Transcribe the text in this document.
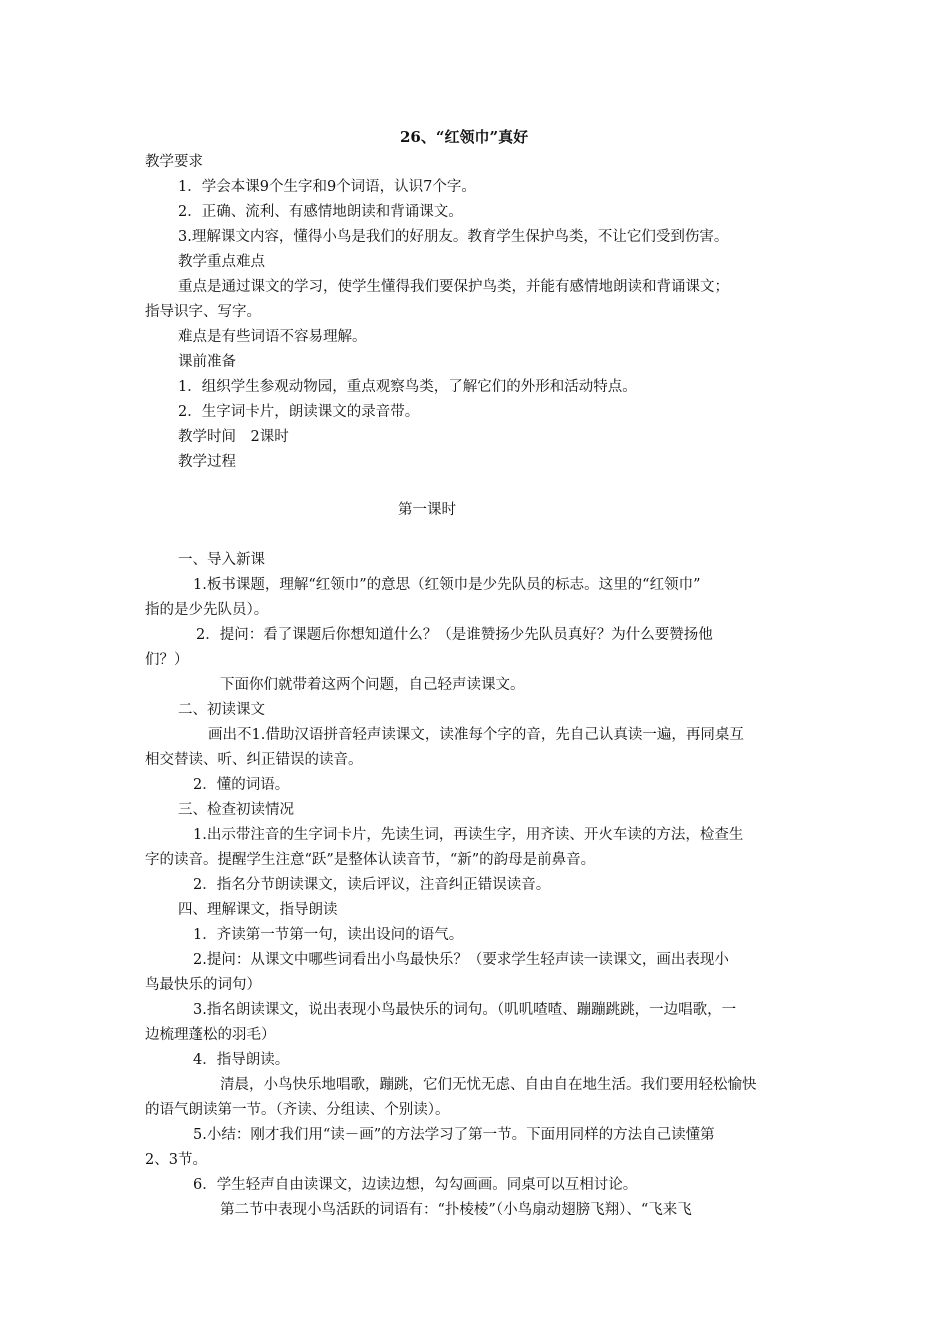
26、“红领巾”真好
教学要求
1．学会本课9个生字和9个词语，认识7个字。
2．正确、流利、有感情地朗读和背诵课文。
3.理解课文内容，懂得小鸟是我们的好朋友。教育学生保护鸟类，不让它们受到伤害。
教学重点难点
重点是通过课文的学习，使学生懂得我们要保护鸟类，并能有感情地朗读和背诵课文；
指导识字、写字。
难点是有些词语不容易理解。
课前准备
1．组织学生参观动物园，重点观察鸟类，了解它们的外形和活动特点。
2．生字词卡片，朗读课文的录音带。
教学时间　2课时
教学过程
第一课时
一、导入新课
1.板书课题，理解“红领巾”的意思（红领巾是少先队员的标志。这里的“红领巾”
指的是少先队员）。
2．提问：看了课题后你想知道什么？（是谁赞扬少先队员真好？为什么要赞扬他
们？）
下面你们就带着这两个问题，自己轻声读课文。
二、初读课文
画出不1.借助汉语拼音轻声读课文，读准每个字的音，先自己认真读一遍，再同桌互
相交替读、听、纠正错误的读音。
2．懂的词语。
三、检查初读情况
1.出示带注音的生字词卡片，先读生词，再读生字，用齐读、开火车读的方法，检查生
字的读音。提醒学生注意“跃”是整体认读音节，“新”的韵母是前鼻音。
2．指名分节朗读课文，读后评议，注音纠正错误读音。
四、理解课文，指导朗读
1．齐读第一节第一句，读出设问的语气。
2.提问：从课文中哪些词看出小鸟最快乐？（要求学生轻声读一读课文，画出表现小
鸟最快乐的词句）
3.指名朗读课文，说出表现小鸟最快乐的词句。（叽叽喳喳、蹦蹦跳跳，一边唱歌，一
边梳理蓬松的羽毛）
4．指导朗读。
清晨，小鸟快乐地唱歌，蹦跳，它们无忧无虑、自由自在地生活。我们要用轻松愉快
的语气朗读第一节。（齐读、分组读、个别读）。
5.小结：刚才我们用“读－画”的方法学习了第一节。下面用同样的方法自己读懂第
2、3节。
6．学生轻声自由读课文，边读边想，勾勾画画。同桌可以互相讨论。
第二节中表现小鸟活跃的词语有：“扑棱棱”（小鸟扇动翅膀飞翔）、“飞来飞
